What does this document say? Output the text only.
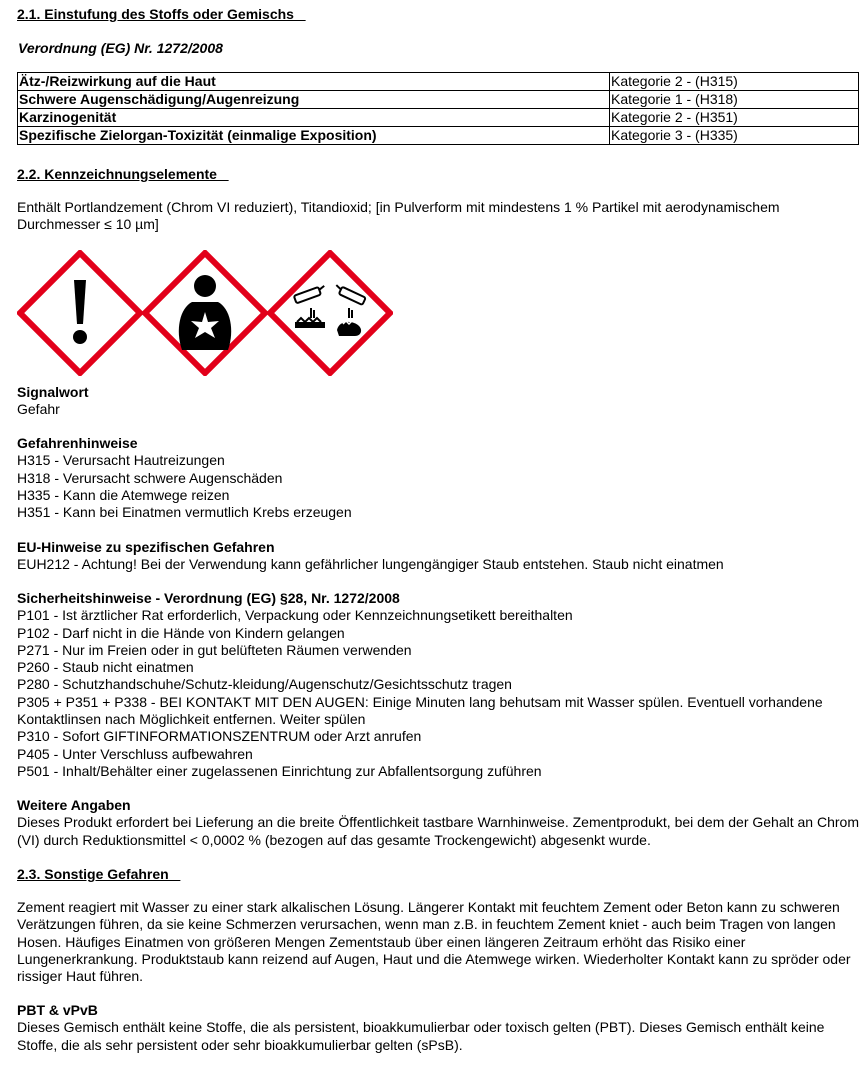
2.1. Einstufung des Stoffs oder Gemischs
Verordnung (EG) Nr. 1272/2008
Ätz-/Reizwirkung auf die Haut	Kategorie 2 - (H315)
Schwere Augenschädigung/Augenreizung	Kategorie 1 - (H318)
Karzinogenität	Kategorie 2 - (H351)
Spezifische Zielorgan-Toxizität (einmalige Exposition)	Kategorie 3 - (H335)
2.2. Kennzeichnungselemente
Enthält Portlandzement (Chrom VI reduziert), Titandioxid; [in Pulverform mit mindestens 1 % Partikel mit aerodynamischem Durchmesser ≤ 10 µm]
Signalwort
Gefahr
Gefahrenhinweise
H315 - Verursacht Hautreizungen
H318 - Verursacht schwere Augenschäden
H335 - Kann die Atemwege reizen
H351 - Kann bei Einatmen vermutlich Krebs erzeugen
EU-Hinweise zu spezifischen Gefahren
EUH212 - Achtung! Bei der Verwendung kann gefährlicher lungengängiger Staub entstehen. Staub nicht einatmen
Sicherheitshinweise - Verordnung (EG) §28, Nr. 1272/2008
P101 - Ist ärztlicher Rat erforderlich, Verpackung oder Kennzeichnungsetikett bereithalten
P102 - Darf nicht in die Hände von Kindern gelangen
P271 - Nur im Freien oder in gut belüfteten Räumen verwenden
P260 - Staub nicht einatmen
P280 - Schutzhandschuhe/Schutz-kleidung/Augenschutz/Gesichtsschutz tragen
P305 + P351 + P338 - BEI KONTAKT MIT DEN AUGEN: Einige Minuten lang behutsam mit Wasser spülen. Eventuell vorhandene Kontaktlinsen nach Möglichkeit entfernen. Weiter spülen
P310 - Sofort GIFTINFORMATIONSZENTRUM oder Arzt anrufen
P405 - Unter Verschluss aufbewahren
P501 - Inhalt/Behälter einer zugelassenen Einrichtung zur Abfallentsorgung zuführen
Weitere Angaben
Dieses Produkt erfordert bei Lieferung an die breite Öffentlichkeit tastbare Warnhinweise. Zementprodukt, bei dem der Gehalt an Chrom (VI) durch Reduktionsmittel < 0,0002 % (bezogen auf das gesamte Trockengewicht) abgesenkt wurde.
2.3. Sonstige Gefahren
Zement reagiert mit Wasser zu einer stark alkalischen Lösung. Längerer Kontakt mit feuchtem Zement oder Beton kann zu schweren Verätzungen führen, da sie keine Schmerzen verursachen, wenn man z.B. in feuchtem Zement kniet - auch beim Tragen von langen Hosen. Häufiges Einatmen von größeren Mengen Zementstaub über einen längeren Zeitraum erhöht das Risiko einer Lungenerkrankung. Produktstaub kann reizend auf Augen, Haut und die Atemwege wirken. Wiederholter Kontakt kann zu spröder oder rissiger Haut führen.
PBT & vPvB
Dieses Gemisch enthält keine Stoffe, die als persistent, bioakkumulierbar oder toxisch gelten (PBT). Dieses Gemisch enthält keine Stoffe, die als sehr persistent oder sehr bioakkumulierbar gelten (sPsB).
